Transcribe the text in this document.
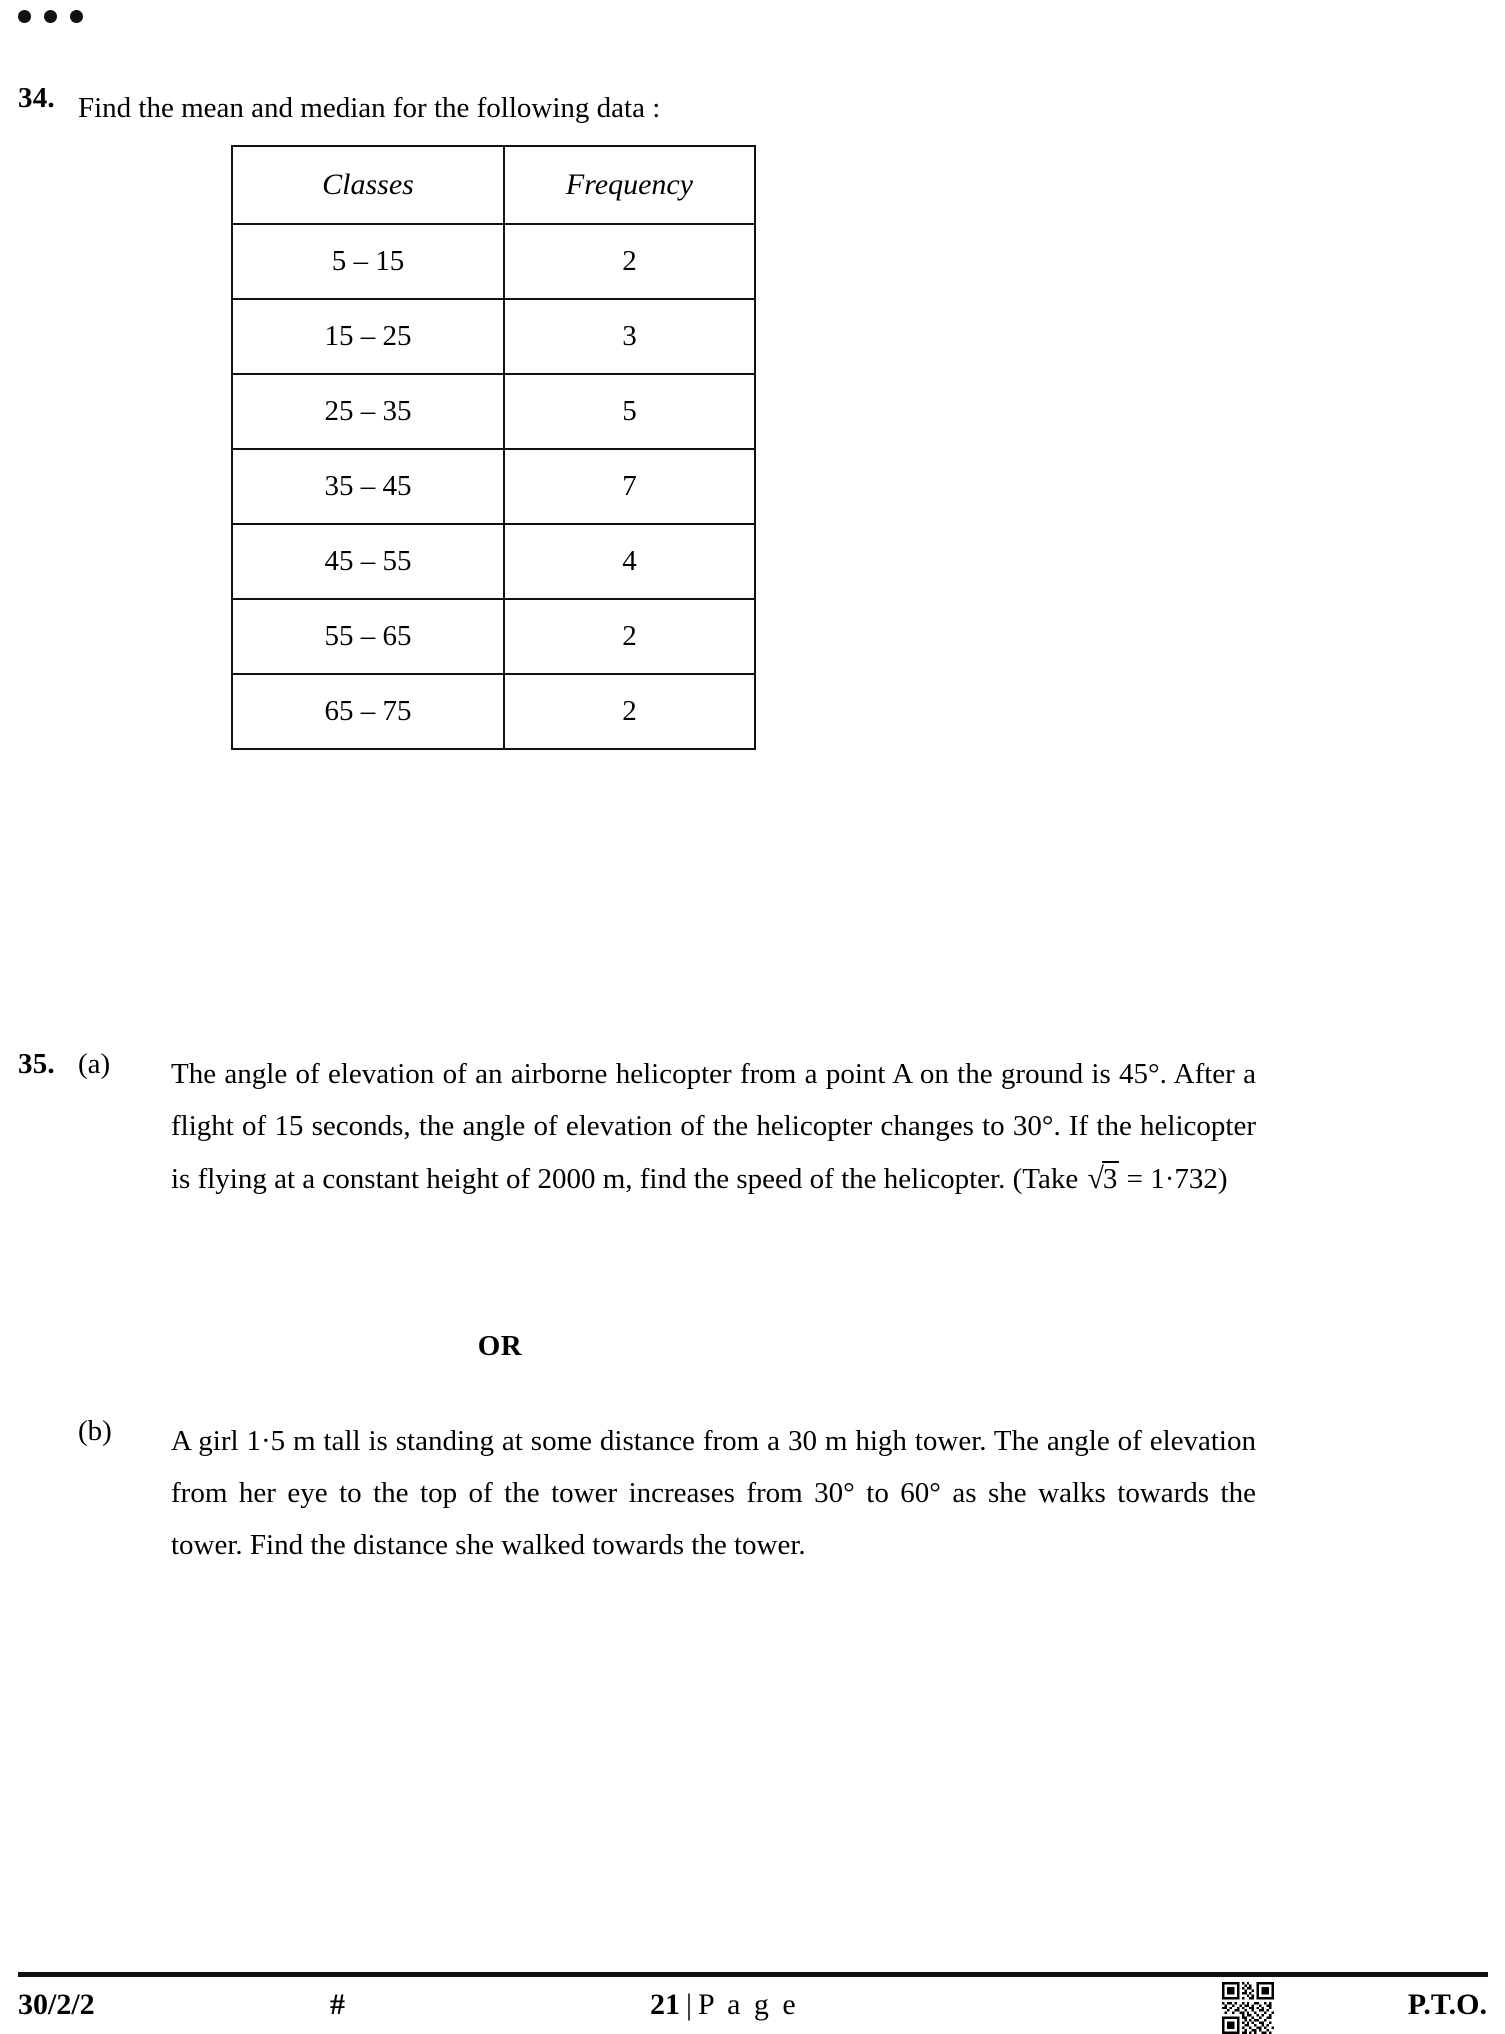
34. Find the mean and median for the following data :
Classes	Frequency
5 – 15	2
15 – 25	3
25 – 35	5
35 – 45	7
45 – 55	4
55 – 65	2
65 – 75	2
35. (a)	The angle of elevation of an airborne helicopter from a point A on the ground is 45°. After a flight of 15 seconds, the angle of elevation of the helicopter changes to 30°. If the helicopter is flying at a constant height of 2000 m, find the speed of the helicopter. (Take √3 = 1·732)
OR
(b)	A girl 1·5 m tall is standing at some distance from a 30 m high tower. The angle of elevation from her eye to the top of the tower increases from 30° to 60° as she walks towards the tower. Find the distance she walked towards the tower.
30/2/2	#	21 | P a g e	P.T.O.
